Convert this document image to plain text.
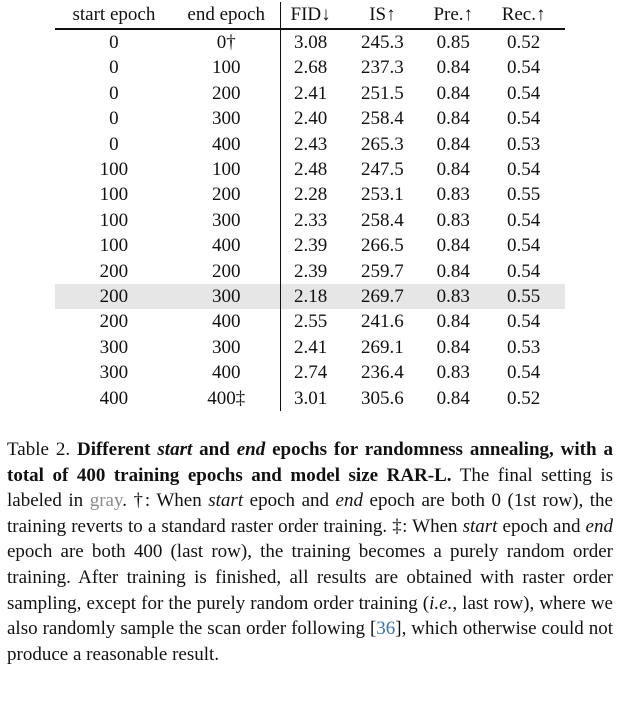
start epoch	end epoch	FID↓	IS↑	Pre.↑	Rec.↑
0	0†	3.08	245.3	0.85	0.52
0	100	2.68	237.3	0.84	0.54
0	200	2.41	251.5	0.84	0.54
0	300	2.40	258.4	0.84	0.54
0	400	2.43	265.3	0.84	0.53
100	100	2.48	247.5	0.84	0.54
100	200	2.28	253.1	0.83	0.55
100	300	2.33	258.4	0.83	0.54
100	400	2.39	266.5	0.84	0.54
200	200	2.39	259.7	0.84	0.54
200	300	2.18	269.7	0.83	0.55
200	400	2.55	241.6	0.84	0.54
300	300	2.41	269.1	0.84	0.53
300	400	2.74	236.4	0.83	0.54
400	400‡	3.01	305.6	0.84	0.52
Table 2. Different start and end epochs for randomness annealing, with a total of 400 training epochs and model size RAR-L. The final setting is labeled in gray. †: When start epoch and end epoch are both 0 (1st row), the training reverts to a standard raster order training. ‡: When start epoch and end epoch are both 400 (last row), the training becomes a purely random order training. After training is finished, all results are obtained with raster order sampling, except for the purely random order training (i.e., last row), where we also randomly sample the scan order following [36], which otherwise could not produce a reasonable result.
